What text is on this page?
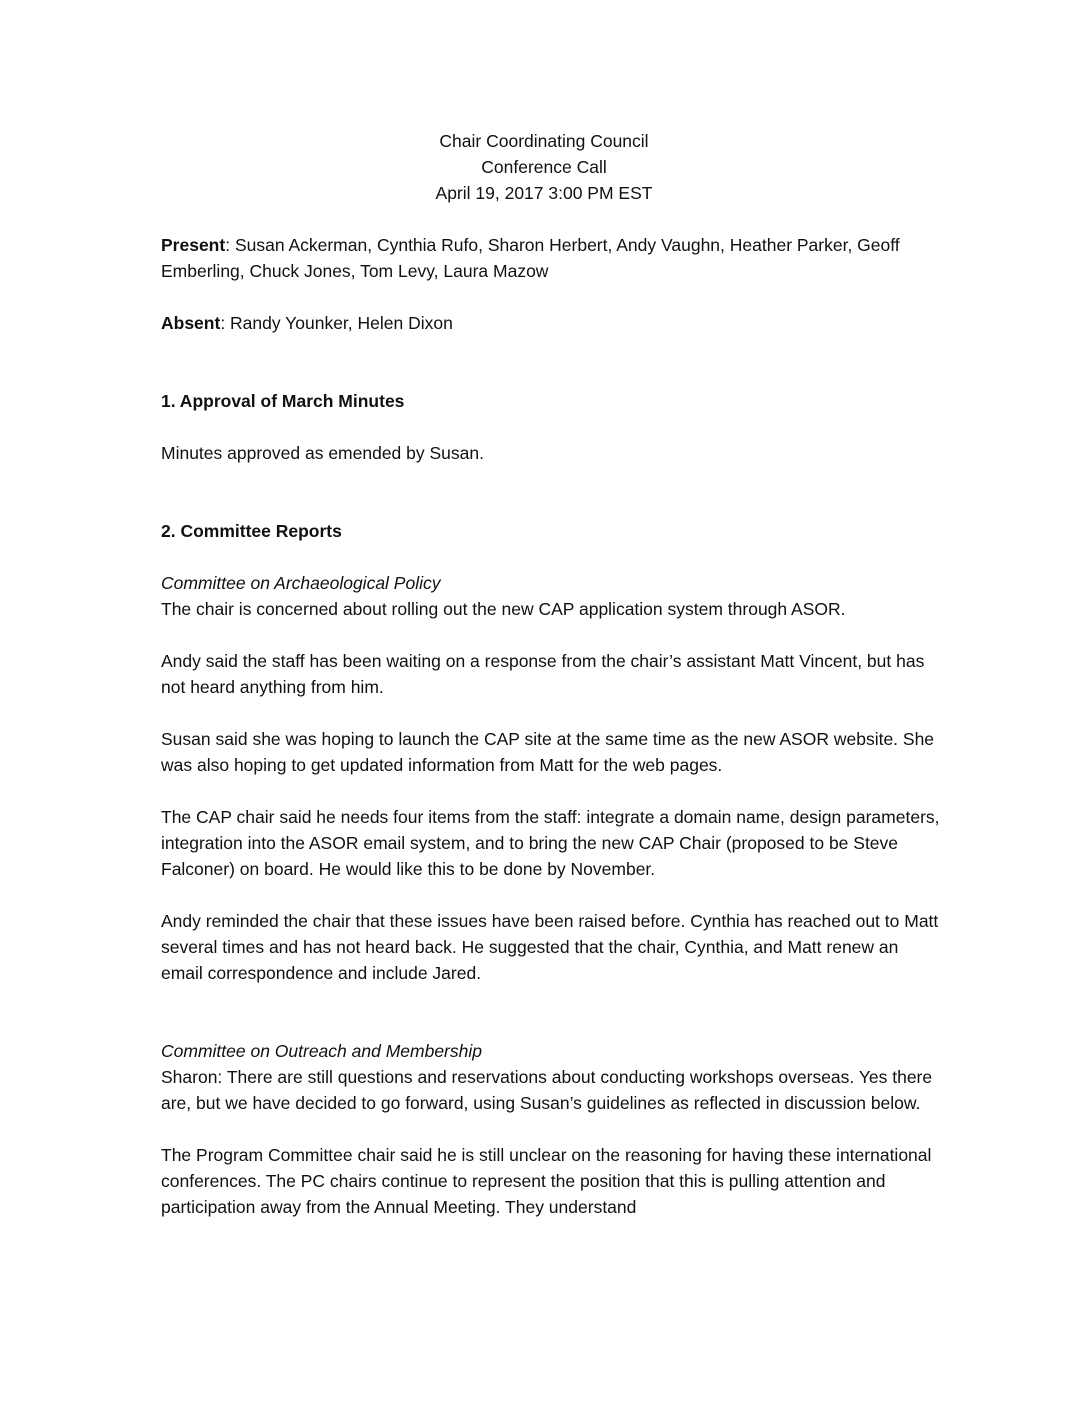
Chair Coordinating Council
Conference Call
April 19, 2017 3:00 PM EST

Present: Susan Ackerman, Cynthia Rufo, Sharon Herbert, Andy Vaughn, Heather Parker, Geoff Emberling, Chuck Jones, Tom Levy, Laura Mazow

Absent: Randy Younker, Helen Dixon

1. Approval of March Minutes

Minutes approved as emended by Susan.

2. Committee Reports
Committee on Archaeological Policy

The chair is concerned about rolling out the new CAP application system through ASOR.

Andy said the staff has been waiting on a response from the chair’s assistant Matt Vincent, but has not heard anything from him.

Susan said she was hoping to launch the CAP site at the same time as the new ASOR website. She was also hoping to get updated information from Matt for the web pages.

The CAP chair said he needs four items from the staff: integrate a domain name, design parameters, integration into the ASOR email system, and to bring the new CAP Chair (proposed to be Steve Falconer) on board. He would like this to be done by November.

Andy reminded the chair that these issues have been raised before. Cynthia has reached out to Matt several times and has not heard back. He suggested that the chair, Cynthia, and Matt renew an email correspondence and include Jared.

Committee on Outreach and Membership

Sharon: There are still questions and reservations about conducting workshops overseas. Yes there are, but we have decided to go forward, using Susan’s guidelines as reflected in discussion below.

The Program Committee chair said he is still unclear on the reasoning for having these international conferences. The PC chairs continue to represent the position that this is pulling attention and participation away from the Annual Meeting. They understand
